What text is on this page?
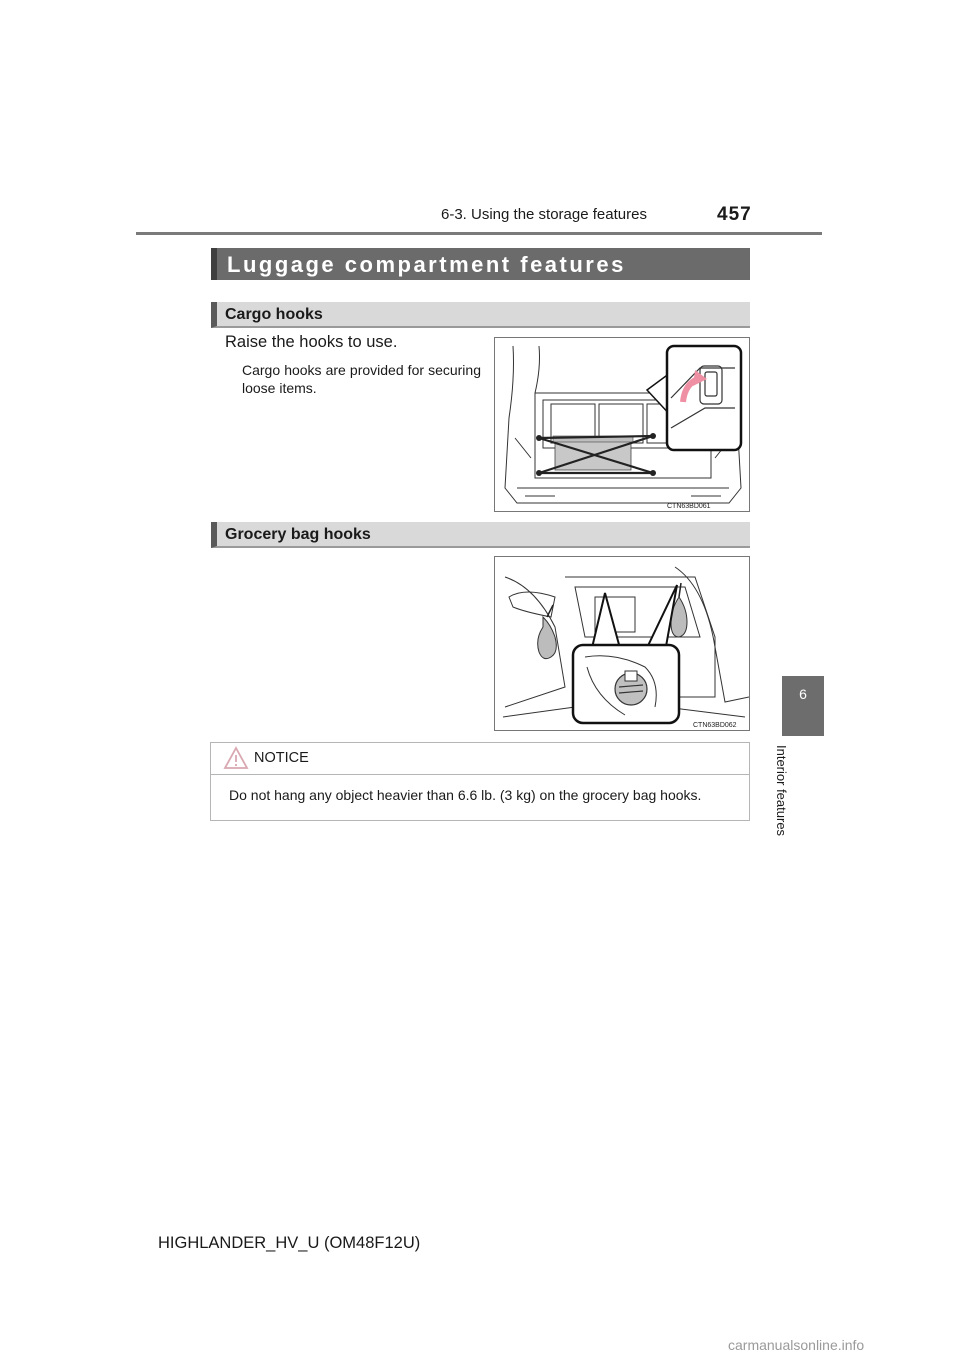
457
6-3. Using the storage features
6
Interior features
Luggage compartment features
Cargo hooks
Raise the hooks to use.
Cargo hooks are provided for securing loose items.
CTN63BD061
Grocery bag hooks
CTN63BD062
NOTICE
Do not hang any object heavier than 6.6 lb. (3 kg) on the grocery bag hooks.
HIGHLANDER_HV_U (OM48F12U)
carmanualsonline.info
